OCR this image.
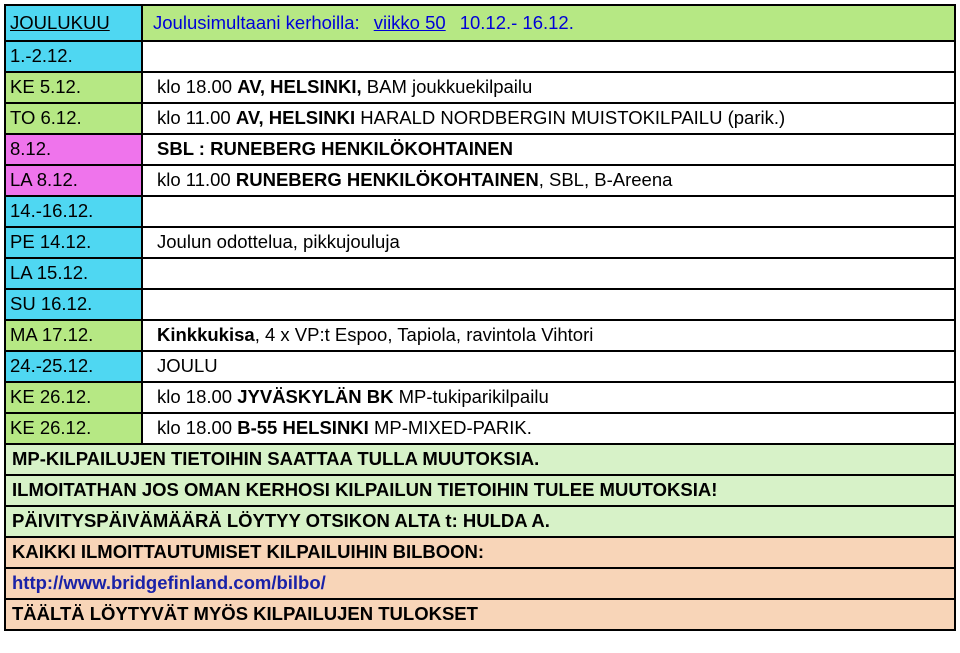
JOULUKUU	Joulusimultaani kerhoilla: viikko 50 10.12.- 16.12.
1.-2.12.	
KE 5.12.	klo 18.00 AV, HELSINKI, BAM joukkuekilpailu
TO 6.12.	klo 11.00 AV, HELSINKI HARALD NORDBERGIN MUISTOKILPAILU (parik.)
8.12.	SBL : RUNEBERG HENKILÖKOHTAINEN
LA 8.12.	klo 11.00 RUNEBERG HENKILÖKOHTAINEN, SBL, B-Areena
14.-16.12.	
PE 14.12.	Joulun odottelua, pikkujouluja
LA 15.12.	
SU 16.12.	
MA 17.12.	Kinkkukisa, 4 x VP:t Espoo, Tapiola, ravintola Vihtori
24.-25.12.	JOULU
KE 26.12.	klo 18.00 JYVÄSKYLÄN BK MP-tukiparikilpailu
KE 26.12.	klo 18.00 B-55 HELSINKI MP-MIXED-PARIK.
MP-KILPAILUJEN TIETOIHIN SAATTAA TULLA MUUTOKSIA.	
ILMOITATHAN JOS OMAN KERHOSI KILPAILUN TIETOIHIN TULEE MUUTOKSIA!	
PÄIVITYSPÄIVÄMÄÄRÄ LÖYTYY OTSIKON ALTA t: HULDA A.	
KAIKKI ILMOITTAUTUMISET KILPAILUIHIN BILBOON:	
http://www.bridgefinland.com/bilbo/	
TÄÄLTÄ LÖYTYVÄT MYÖS KILPAILUJEN TULOKSET	
